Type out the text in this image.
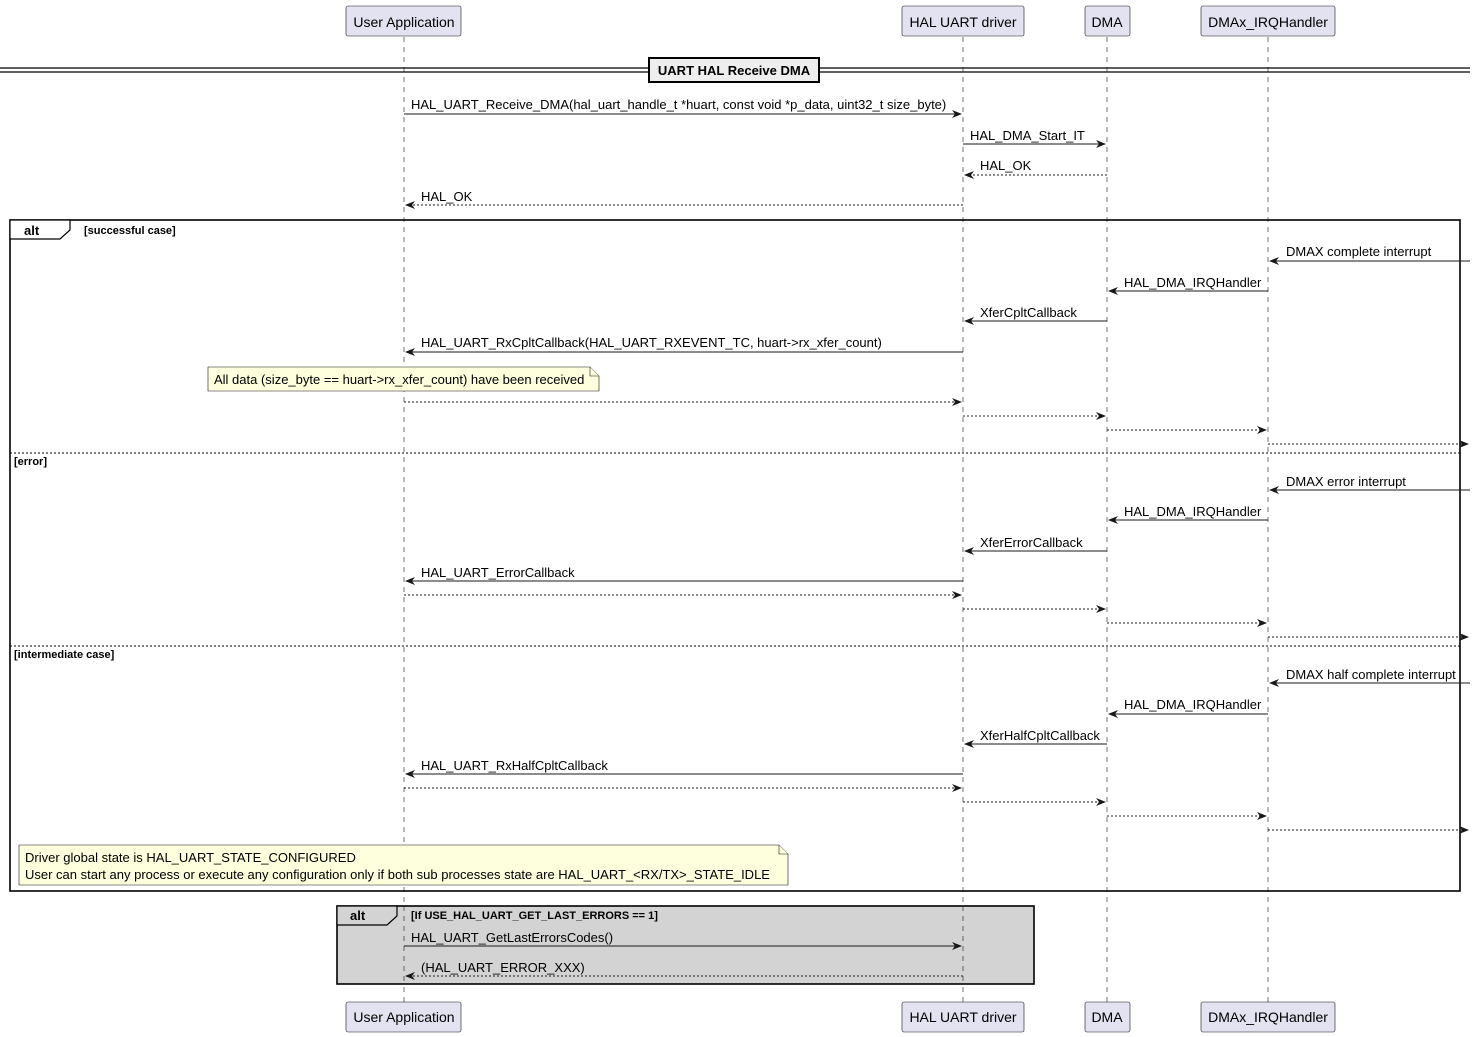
User Application	HAL UART driver	DMA	DMAx_IRQHandler
UART HAL Receive DMA
HAL_UART_Receive_DMA(hal_uart_handle_t *huart, const void *p_data, uint32_t size_byte)
HAL_DMA_Start_IT
HAL_OK
HAL_OK
alt	[successful case]
[error]
[intermediate case]
DMAX complete interrupt
HAL_DMA_IRQHandler
XferCpltCallback
HAL_UART_RxCpltCallback(HAL_UART_RXEVENT_TC, huart->rx_xfer_count)
All data (size_byte == huart->rx_xfer_count) have been received
DMAX error interrupt
HAL_DMA_IRQHandler
XferErrorCallback
HAL_UART_ErrorCallback
DMAX half complete interrupt
HAL_DMA_IRQHandler
XferHalfCpltCallback
HAL_UART_RxHalfCpltCallback
Driver global state is HAL_UART_STATE_CONFIGURED
User can start any process or execute any configuration only if both sub processes state are HAL_UART_<RX/TX>_STATE_IDLE
alt	[If USE_HAL_UART_GET_LAST_ERRORS == 1]
HAL_UART_GetLastErrorsCodes()
(HAL_UART_ERROR_XXX)
User Application	HAL UART driver	DMA	DMAx_IRQHandler
